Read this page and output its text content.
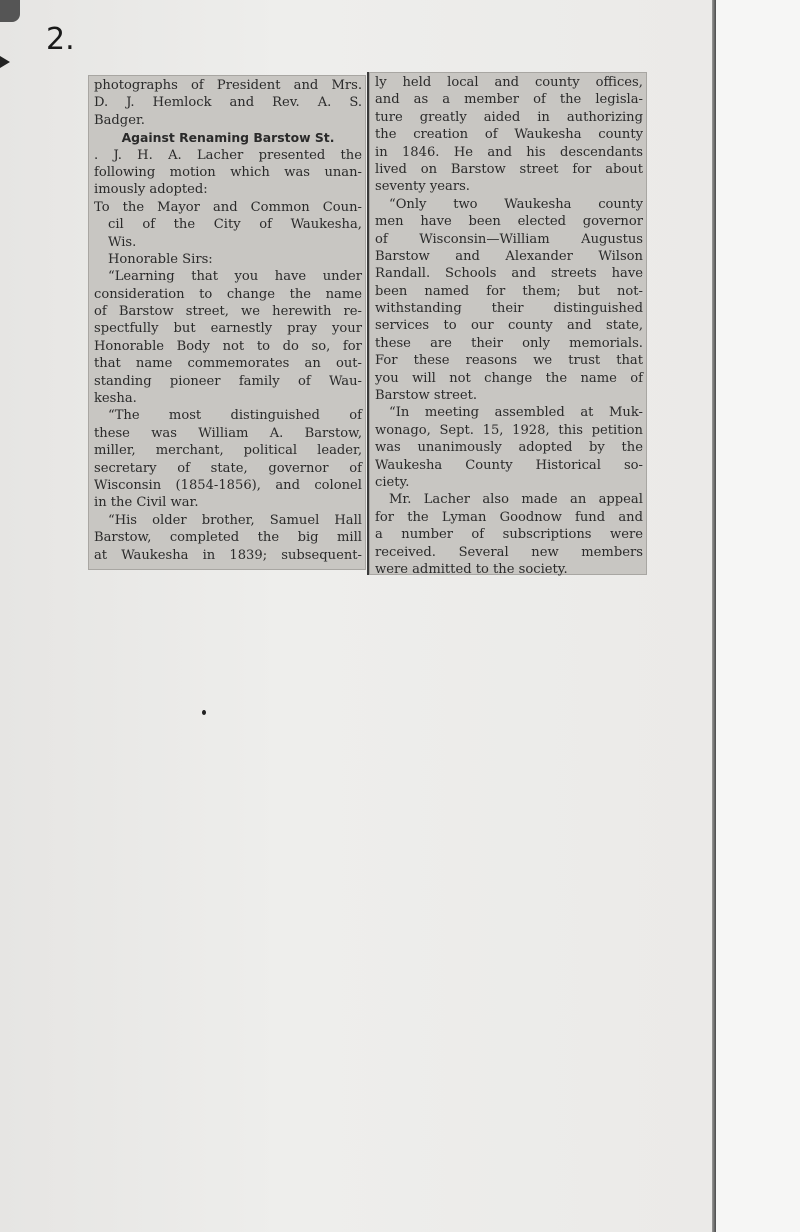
2.
photographs of President and Mrs.
D. J. Hemlock and Rev. A. S.
Badger.
Against Renaming Barstow St.
. J. H. A. Lacher presented the
following motion which was unan-
imously adopted:
To the Mayor and Common Coun-
cil of the City of Waukesha,
Wis.
Honorable Sirs:
“Learning that you have under
consideration to change the name
of Barstow street, we herewith re-
spectfully but earnestly pray your
Honorable Body not to do so, for
that name commemorates an out-
standing pioneer family of Wau-
kesha.
“The most distinguished of
these was William A. Barstow,
miller, merchant, political leader,
secretary of state, governor of
Wisconsin (1854-1856), and colonel
in the Civil war.
“His older brother, Samuel Hall
Barstow, completed the big mill
at Waukesha in 1839; subsequent-
ly held local and county offices,
and as a member of the legisla-
ture greatly aided in authorizing
the creation of Waukesha county
in 1846. He and his descendants
lived on Barstow street for about
seventy years.
“Only two Waukesha county
men have been elected governor
of Wisconsin—William Augustus
Barstow and Alexander Wilson
Randall. Schools and streets have
been named for them; but not-
withstanding their distinguished
services to our county and state,
these are their only memorials.
For these reasons we trust that
you will not change the name of
Barstow street.
“In meeting assembled at Muk-
wonago, Sept. 15, 1928, this petition
was unanimously adopted by the
Waukesha County Historical so-
ciety.
Mr. Lacher also made an appeal
for the Lyman Goodnow fund and
a number of subscriptions were
received. Several new members
were admitted to the society.
